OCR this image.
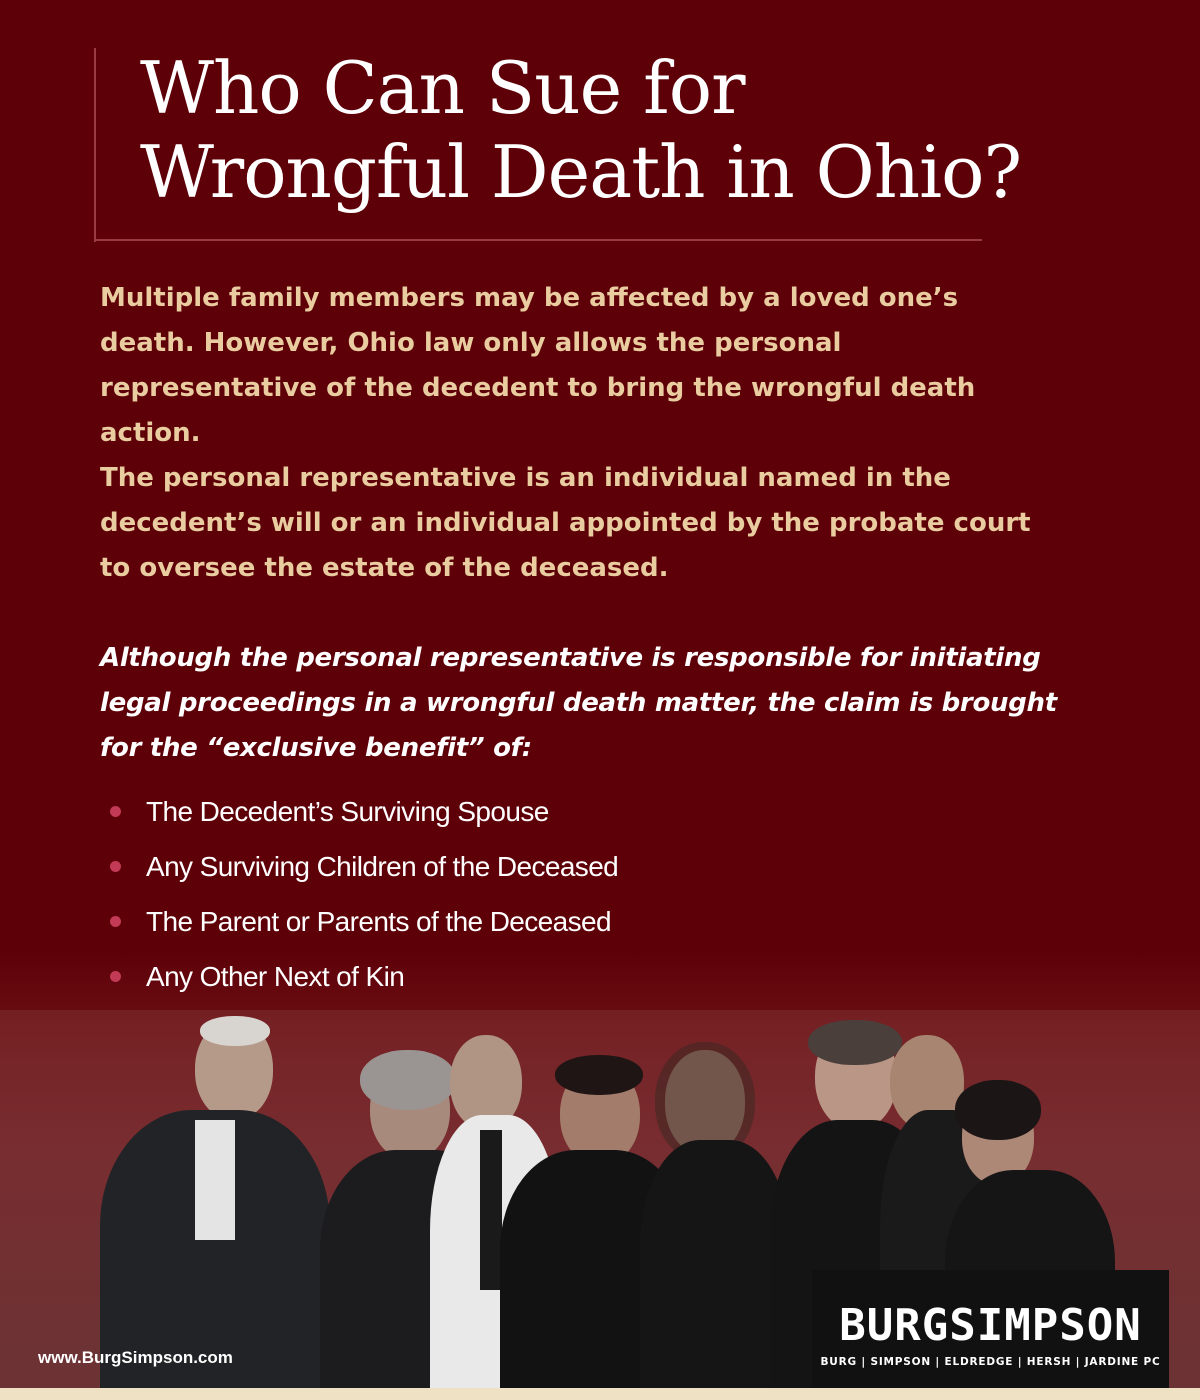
Who Can Sue for
Wrongful Death in Ohio?

Multiple family members may be affected by a loved one’s death. However, Ohio law only allows the personal representative of the decedent to bring the wrongful death action.

The personal representative is an individual named in the decedent’s will or an individual appointed by the probate court to oversee the estate of the deceased.

Although the personal representative is responsible for initiating legal proceedings in a wrongful death matter, the claim is brought for the “exclusive benefit” of:

The Decedent’s Surviving Spouse
Any Surviving Children of the Deceased
The Parent or Parents of the Deceased
Any Other Next of Kin
www.BurgSimpson.com
BURGSIMPSON
BURG | SIMPSON | ELDREDGE | HERSH | JARDINE PC
